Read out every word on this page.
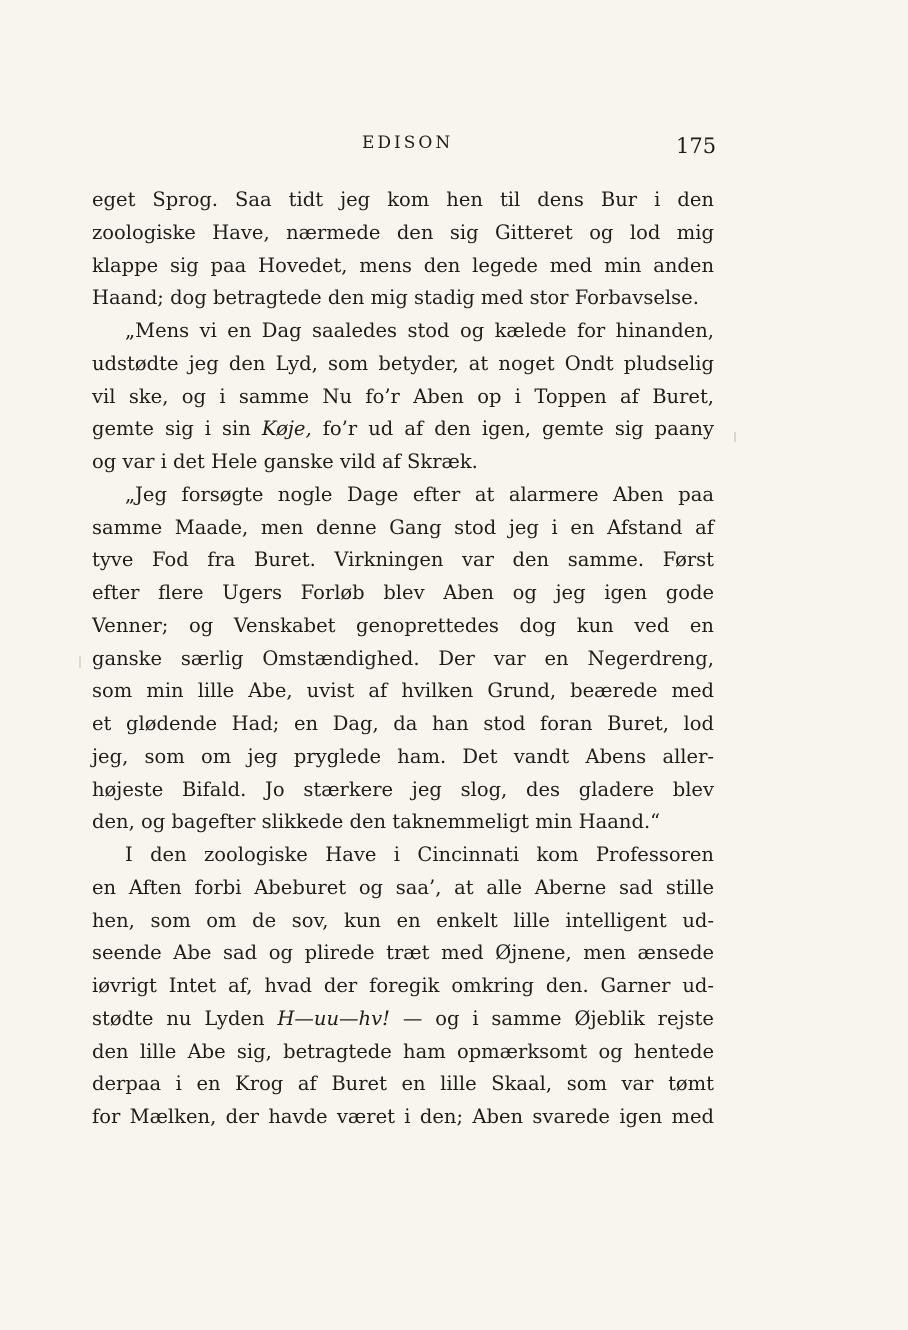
EDISON	175
eget Sprog. Saa tidt jeg kom hen til dens Bur i den
zoologiske Have, nærmede den sig Gitteret og lod mig
klappe sig paa Hovedet, mens den legede med min anden
Haand; dog betragtede den mig stadig med stor Forbavselse.
„Mens vi en Dag saaledes stod og kælede for hinanden,
udstødte jeg den Lyd, som betyder, at noget Ondt pludselig
vil ske, og i samme Nu fo’r Aben op i Toppen af Buret,
gemte sig i sin Køje, fo’r ud af den igen, gemte sig paany
og var i det Hele ganske vild af Skræk.
„Jeg forsøgte nogle Dage efter at alarmere Aben paa
samme Maade, men denne Gang stod jeg i en Afstand af
tyve Fod fra Buret. Virkningen var den samme. Først
efter flere Ugers Forløb blev Aben og jeg igen gode
Venner; og Venskabet genoprettedes dog kun ved en
ganske særlig Omstændighed. Der var en Negerdreng,
som min lille Abe, uvist af hvilken Grund, beærede med
et glødende Had; en Dag, da han stod foran Buret, lod
jeg, som om jeg pryglede ham. Det vandt Abens aller-
højeste Bifald. Jo stærkere jeg slog, des gladere blev
den, og bagefter slikkede den taknemmeligt min Haand.“
I den zoologiske Have i Cincinnati kom Professoren
en Aften forbi Abeburet og saa’, at alle Aberne sad stille
hen, som om de sov, kun en enkelt lille intelligent ud-
seende Abe sad og plirede træt med Øjnene, men ænsede
iøvrigt Intet af, hvad der foregik omkring den. Garner ud-
stødte nu Lyden H—uu—hv! — og i samme Øjeblik rejste
den lille Abe sig, betragtede ham opmærksomt og hentede
derpaa i en Krog af Buret en lille Skaal, som var tømt
for Mælken, der havde været i den; Aben svarede igen med
